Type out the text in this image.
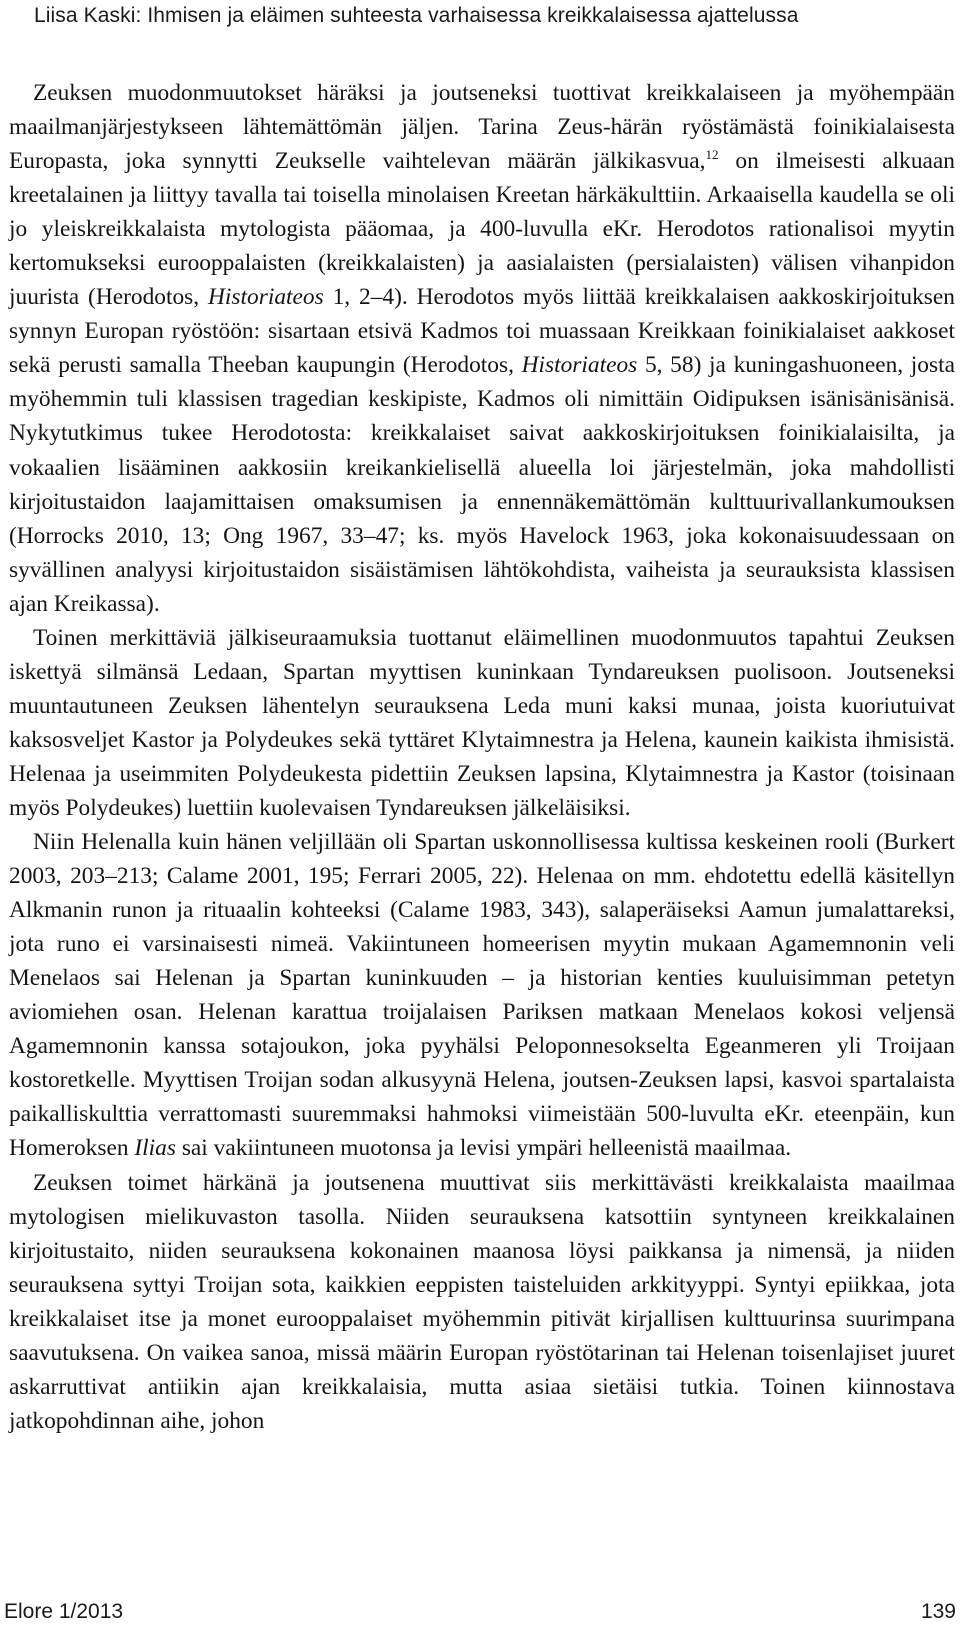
Liisa Kaski: Ihmisen ja eläimen suhteesta varhaisessa kreikkalaisessa ajattelussa

Zeuksen muodonmuutokset häräksi ja joutseneksi tuottivat kreikkalaiseen ja myöhempään maailmanjärjestykseen lähtemättömän jäljen. Tarina Zeus-härän ryöstämästä foinikialaisesta Europasta, joka synnytti Zeukselle vaihtelevan määrän jälkikasvua,$^{12}$ on ilmeisesti alkuaan kreetalainen ja liittyy tavalla tai toisella minolaisen Kreetan härkäkulttiin. Arkaaisella kaudella se oli jo yleiskreikkalaista mytologista pääomaa, ja 400-luvulla eKr. Herodotos rationalisoi myytin kertomukseksi eurooppalaisten (kreikkalaisten) ja aasialaisten (persialaisten) välisen vihanpidon juurista (Herodotos, Historiateos 1, 2–4). Herodotos myös liittää kreikkalaisen aakkoskirjoituksen synnyn Europan ryöstöön: sisartaan etsivä Kadmos toi muassaan Kreikkaan foinikialaiset aakkoset sekä perusti samalla Theeban kaupungin (Herodotos, Historiateos 5, 58) ja kuningashuoneen, josta myöhemmin tuli klassisen tragedian keskipiste, Kadmos oli nimittäin Oidipuksen isänisänisänisä. Nykytutkimus tukee Herodotosta: kreikkalaiset saivat aakkoskirjoituksen foinikialaisilta, ja vokaalien lisääminen aakkosiin kreikankielisellä alueella loi järjestelmän, joka mahdollisti kirjoitustaidon laajamittaisen omaksumisen ja ennennäkemättömän kulttuurivallankumouksen (Horrocks 2010, 13; Ong 1967, 33–47; ks. myös Havelock 1963, joka kokonaisuudessaan on syvällinen analyysi kirjoitustaidon sisäistämisen lähtökohdista, vaiheista ja seurauksista klassisen ajan Kreikassa).

Toinen merkittäviä jälkiseuraamuksia tuottanut eläimellinen muodonmuutos tapahtui Zeuksen iskettyä silmänsä Ledaan, Spartan myyttisen kuninkaan Tyndareuksen puolisoon. Joutseneksi muuntautuneen Zeuksen lähentelyn seurauksena Leda muni kaksi munaa, joista kuoriutuivat kaksosveljet Kastor ja Polydeukes sekä tyttäret Klytaimnestra ja Helena, kaunein kaikista ihmisistä. Helenaa ja useimmiten Polydeukesta pidettiin Zeuksen lapsina, Klytaimnestra ja Kastor (toisinaan myös Polydeukes) luettiin kuolevaisen Tyndareuksen jälkeläisiksi.

Niin Helenalla kuin hänen veljillään oli Spartan uskonnollisessa kultissa keskeinen rooli (Burkert 2003, 203–213; Calame 2001, 195; Ferrari 2005, 22). Helenaa on mm. ehdotettu edellä käsitellyn Alkmanin runon ja rituaalin kohteeksi (Calame 1983, 343), salaperäiseksi Aamun jumalattareksi, jota runo ei varsinaisesti nimeä. Vakiintuneen homeerisen myytin mukaan Agamemnonin veli Menelaos sai Helenan ja Spartan kuninkuuden – ja historian kenties kuuluisimman petetyn aviomiehen osan. Helenan karattua troijalaisen Pariksen matkaan Menelaos kokosi veljensä Agamemnonin kanssa sotajoukon, joka pyyhälsi Peloponnesokselta Egeanmeren yli Troijaan kostoretkelle. Myyttisen Troijan sodan alkusyynä Helena, joutsen-Zeuksen lapsi, kasvoi spartalaista paikalliskulttia verrattomasti suuremmaksi hahmoksi viimeistään 500-luvulta eKr. eteenpäin, kun Homeroksen Ilias sai vakiintuneen muotonsa ja levisi ympäri helleenistä maailmaa.

Zeuksen toimet härkänä ja joutsenena muuttivat siis merkittävästi kreikkalaista maailmaa mytologisen mielikuvaston tasolla. Niiden seurauksena katsottiin syntyneen kreikkalainen kirjoitustaito, niiden seurauksena kokonainen maanosa löysi paikkansa ja nimensä, ja niiden seurauksena syttyi Troijan sota, kaikkien eeppisten taisteluiden arkkityyppi. Syntyi epiikkaa, jota kreikkalaiset itse ja monet eurooppalaiset myöhemmin pitivät kirjallisen kulttuurinsa suurimpana saavutuksena. On vaikea sanoa, missä määrin Europan ryöstötarinan tai Helenan toisenlajiset juuret askarruttivat antiikin ajan kreikkalaisia, mutta asiaa sietäisi tutkia. Toinen kiinnostava jatkopohdinnan aihe, johon

Elore 1/2013	139
